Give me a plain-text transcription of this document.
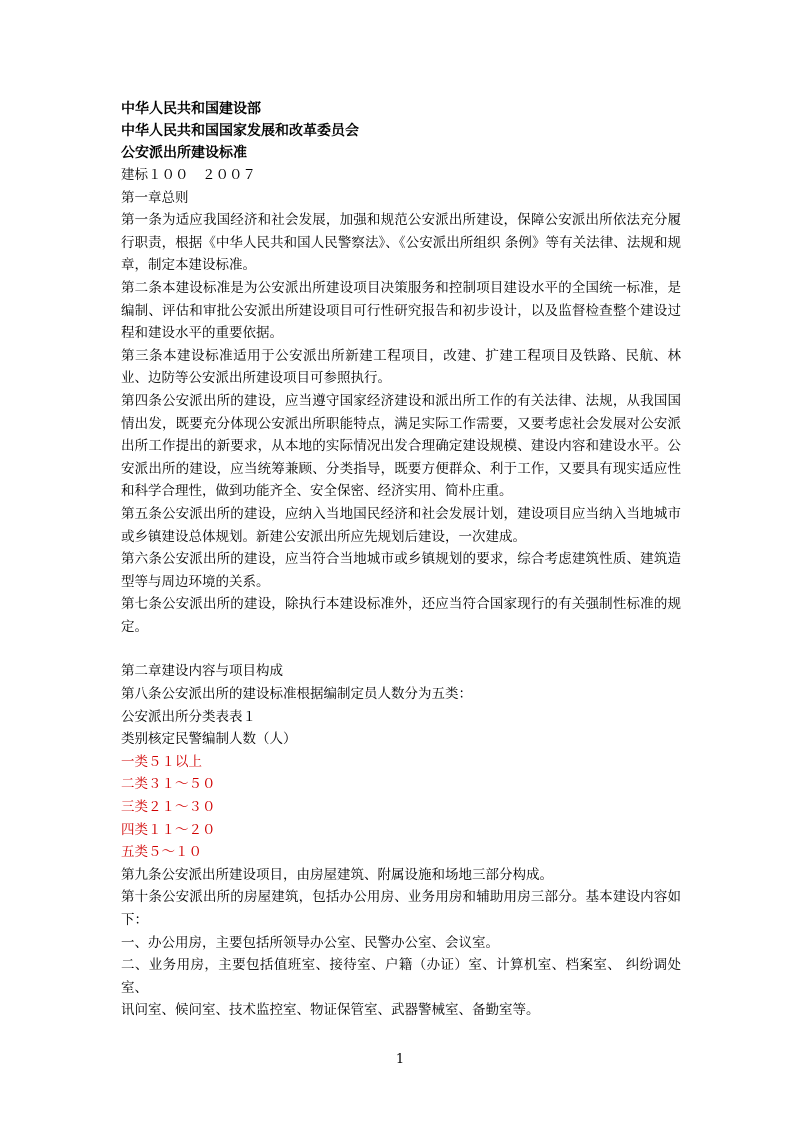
中华人民共和国建设部
中华人民共和国国家发展和改革委员会
公安派出所建设标准
建标１００　２００７
第一章总则
第一条为适应我国经济和社会发展，加强和规范公安派出所建设，保障公安派出所依法充分履行职责，根据《中华人民共和国人民警察法》、《公安派出所组织 条例》等有关法律、法规和规章，制定本建设标准。
第二条本建设标准是为公安派出所建设项目决策服务和控制项目建设水平的全国统一标准，是编制、评估和审批公安派出所建设项目可行性研究报告和初步设计，以及监督检查整个建设过程和建设水平的重要依据。
第三条本建设标准适用于公安派出所新建工程项目，改建、扩建工程项目及铁路、民航、林业、边防等公安派出所建设项目可参照执行。
第四条公安派出所的建设，应当遵守国家经济建设和派出所工作的有关法律、法规，从我国国情出发，既要充分体现公安派出所职能特点，满足实际工作需要，又要考虑社会发展对公安派出所工作提出的新要求，从本地的实际情况出发合理确定建设规模、建设内容和建设水平。公安派出所的建设，应当统筹兼顾、分类指导，既要方便群众、利于工作，又要具有现实适应性和科学合理性，做到功能齐全、安全保密、经济实用、简朴庄重。
第五条公安派出所的建设，应纳入当地国民经济和社会发展计划，建设项目应当纳入当地城市或乡镇建设总体规划。新建公安派出所应先规划后建设，一次建成。
第六条公安派出所的建设，应当符合当地城市或乡镇规划的要求，综合考虑建筑性质、建筑造型等与周边环境的关系。
第七条公安派出所的建设，除执行本建设标准外，还应当符合国家现行的有关强制性标准的规定。
第二章建设内容与项目构成
第八条公安派出所的建设标准根据编制定员人数分为五类：
公安派出所分类表表１
类别核定民警编制人数（人）
一类５１以上
二类３１～５０
三类２１～３０
四类１１～２０
五类５～１０
第九条公安派出所建设项目，由房屋建筑、附属设施和场地三部分构成。
第十条公安派出所的房屋建筑，包括办公用房、业务用房和辅助用房三部分。基本建设内容如下：
一、办公用房，主要包括所领导办公室、民警办公室、会议室。
二、业务用房，主要包括值班室、接待室、户籍（办证）室、计算机室、档案室、 纠纷调处室、
讯问室、候问室、技术监控室、物证保管室、武器警械室、备勤室等。
1
